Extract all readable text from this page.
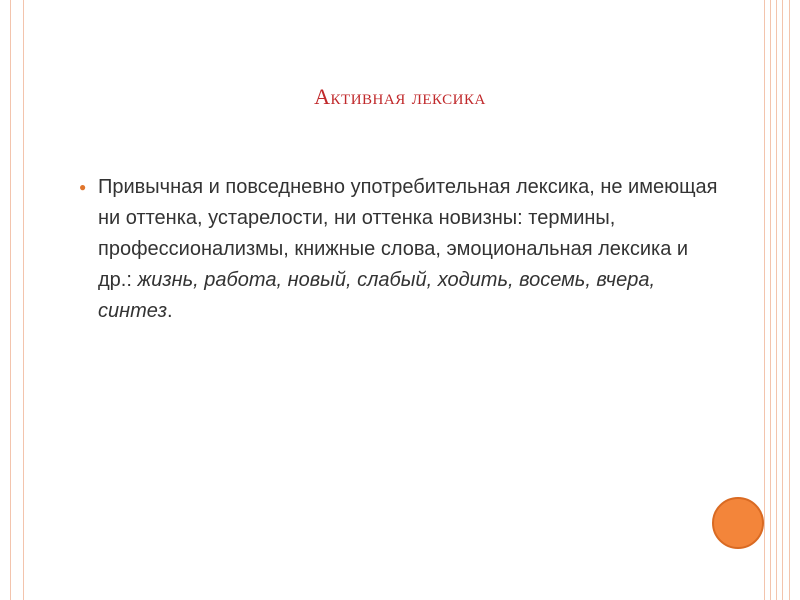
Активная лексика
● Привычная и повседневно употребительная лексика, не имеющая ни оттенка, устарелости, ни оттенка новизны: термины, профессионализмы, книжные слова, эмоциональная лексика и др.: жизнь, работа, новый, слабый, ходить, восемь, вчера, синтез.
